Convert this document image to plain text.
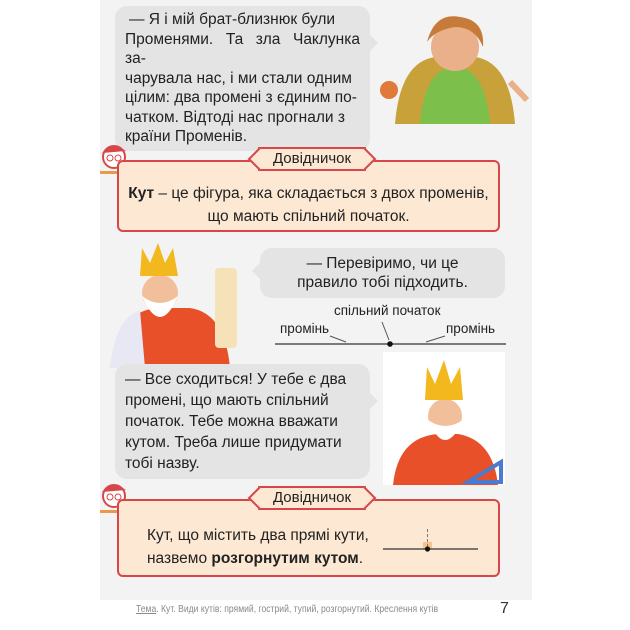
— Я і мій брат-близнюк були
Променями. Та зла Чаклунка за-
чарувала нас, і ми стали одним
цілим: два промені з єдиним по-
чатком. Відтоді нас прогнали з
країни Променів.
Кут – це фігура, яка складається з двох променів,
що мають спільний початок.
Довідничок
— Перевіримо, чи це
правило тобі підходить.
спільний початок
промінь	промінь
— Все сходиться! У тебе є два
промені, що мають спільний
початок. Тебе можна вважати
кутом. Треба лише придумати
тобі назву.
Кут, що містить два прямі кути,
назвемо розгорнутим кутом.
Довідничок
Тема. Кут. Види кутів: прямий, гострий, тупий, розгорнутий. Креслення кутів	7
